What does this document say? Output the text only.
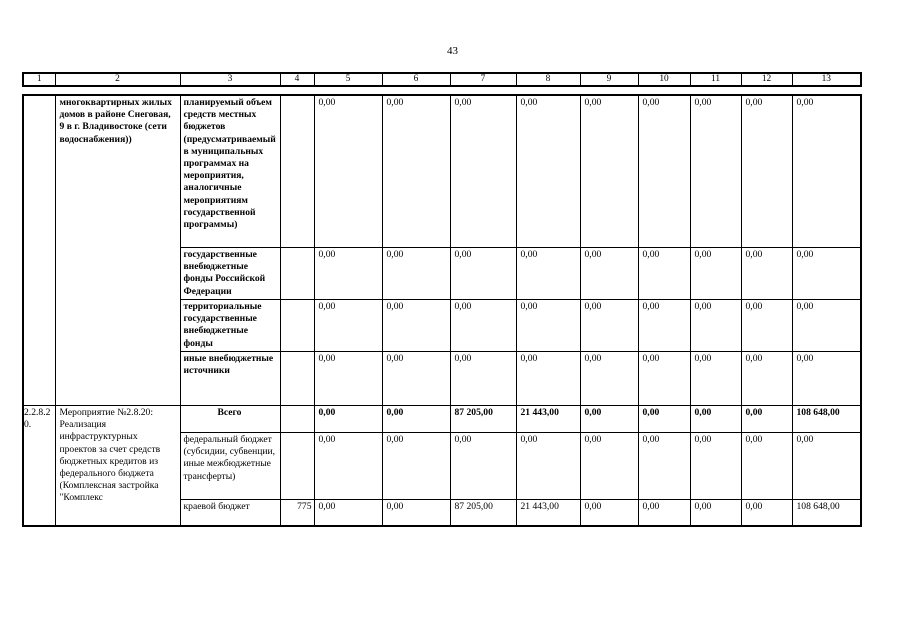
43
1	2	3	4	5	6	7	8	9	10	11	12	13
	многоквартирных жилых домов в районе Снеговая, 9 в г. Владивостоке (сети водоснабжения))	планируемый объем средств местных бюджетов (предусматриваемый в муниципальных программах на мероприятия, аналогичные мероприятиям государственной программы)		0,00	0,00	0,00	0,00	0,00	0,00	0,00	0,00	0,00
		государственные внебюджетные фонды Российской Федерации		0,00	0,00	0,00	0,00	0,00	0,00	0,00	0,00	0,00
		территориальные государственные внебюджетные фонды		0,00	0,00	0,00	0,00	0,00	0,00	0,00	0,00	0,00
		иные внебюджетные источники		0,00	0,00	0,00	0,00	0,00	0,00	0,00	0,00	0,00

2.2.8.20.	Мероприятие №2.8.20: Реализация инфраструктурных проектов за счет средств бюджетных кредитов из федерального бюджета (Комплексная застройка "Комплекс	Всего		0,00	0,00	87 205,00	21 443,00	0,00	0,00	0,00	0,00	108 648,00
		федеральный бюджет (субсидии, субвенции, иные межбюджетные трансферты)		0,00	0,00	0,00	0,00	0,00	0,00	0,00	0,00	0,00
		краевой бюджет	775	0,00	0,00	87 205,00	21 443,00	0,00	0,00	0,00	0,00	108 648,00
